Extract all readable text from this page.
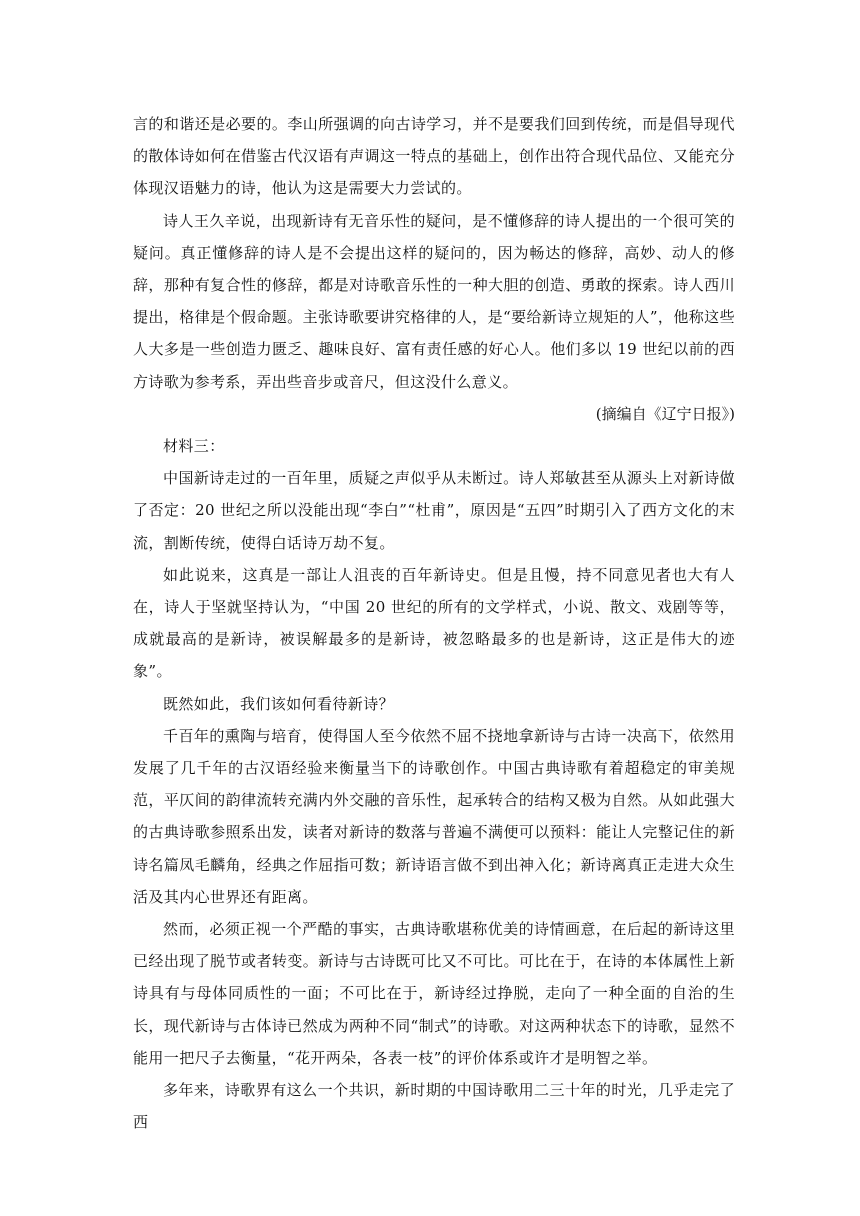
言的和谐还是必要的。李山所强调的向古诗学习，并不是要我们回到传统，而是倡导现代的散体诗如何在借鉴古代汉语有声调这一特点的基础上，创作出符合现代品位、又能充分体现汉语魅力的诗，他认为这是需要大力尝试的。

诗人王久辛说，出现新诗有无音乐性的疑问，是不懂修辞的诗人提出的一个很可笑的疑问。真正懂修辞的诗人是不会提出这样的疑问的，因为畅达的修辞，高妙、动人的修辞，那种有复合性的修辞，都是对诗歌音乐性的一种大胆的创造、勇敢的探索。诗人西川提出，格律是个假命题。主张诗歌要讲究格律的人，是“要给新诗立规矩的人”，他称这些人大多是一些创造力匮乏、趣味良好、富有责任感的好心人。他们多以 19 世纪以前的西方诗歌为参考系，弄出些音步或音尺，但这没什么意义。

(摘编自《辽宁日报》)

材料三：

中国新诗走过的一百年里，质疑之声似乎从未断过。诗人郑敏甚至从源头上对新诗做了否定：20 世纪之所以没能出现“李白”“杜甫”，原因是“五四”时期引入了西方文化的末流，割断传统，使得白话诗万劫不复。

如此说来，这真是一部让人沮丧的百年新诗史。但是且慢，持不同意见者也大有人在，诗人于坚就坚持认为，“中国 20 世纪的所有的文学样式，小说、散文、戏剧等等，成就最高的是新诗，被误解最多的是新诗，被忽略最多的也是新诗，这正是伟大的迹象”。

既然如此，我们该如何看待新诗？

千百年的熏陶与培育，使得国人至今依然不屈不挠地拿新诗与古诗一决高下，依然用发展了几千年的古汉语经验来衡量当下的诗歌创作。中国古典诗歌有着超稳定的审美规范，平仄间的韵律流转充满内外交融的音乐性，起承转合的结构又极为自然。从如此强大的古典诗歌参照系出发，读者对新诗的数落与普遍不满便可以预料：能让人完整记住的新诗名篇凤毛麟角，经典之作屈指可数；新诗语言做不到出神入化；新诗离真正走进大众生活及其内心世界还有距离。

然而，必须正视一个严酷的事实，古典诗歌堪称优美的诗情画意，在后起的新诗这里已经出现了脱节或者转变。新诗与古诗既可比又不可比。可比在于，在诗的本体属性上新诗具有与母体同质性的一面；不可比在于，新诗经过挣脱，走向了一种全面的自治的生长，现代新诗与古体诗已然成为两种不同“制式”的诗歌。对这两种状态下的诗歌，显然不能用一把尺子去衡量，“花开两朵，各表一枝”的评价体系或许才是明智之举。

多年来，诗歌界有这么一个共识，新时期的中国诗歌用二三十年的时光，几乎走完了西
